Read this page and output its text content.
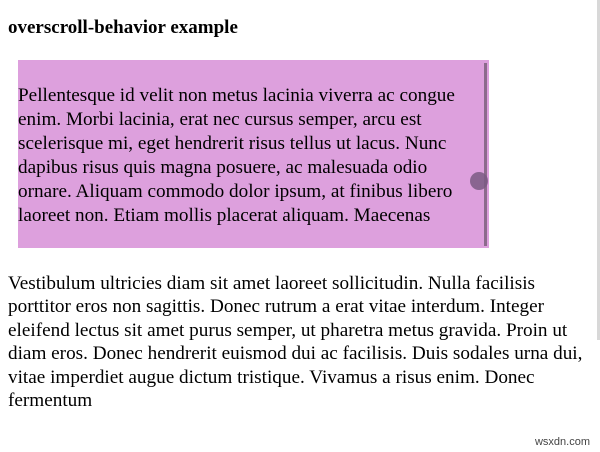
overscroll-behavior example

Pellentesque id velit non metus lacinia viverra ac congue enim. Morbi lacinia, erat nec cursus semper, arcu est scelerisque mi, eget hendrerit risus tellus ut lacus. Nunc dapibus risus quis magna posuere, ac malesuada odio ornare. Aliquam commodo dolor ipsum, at finibus libero laoreet non. Etiam mollis placerat aliquam. Maecenas

Vestibulum ultricies diam sit amet laoreet sollicitudin. Nulla facilisis porttitor eros non sagittis. Donec rutrum a erat vitae interdum. Integer eleifend lectus sit amet purus semper, ut pharetra metus gravida. Proin ut diam eros. Donec hendrerit euismod dui ac facilisis. Duis sodales urna dui, vitae imperdiet augue dictum tristique. Vivamus a risus enim. Donec fermentum

wsxdn.com
